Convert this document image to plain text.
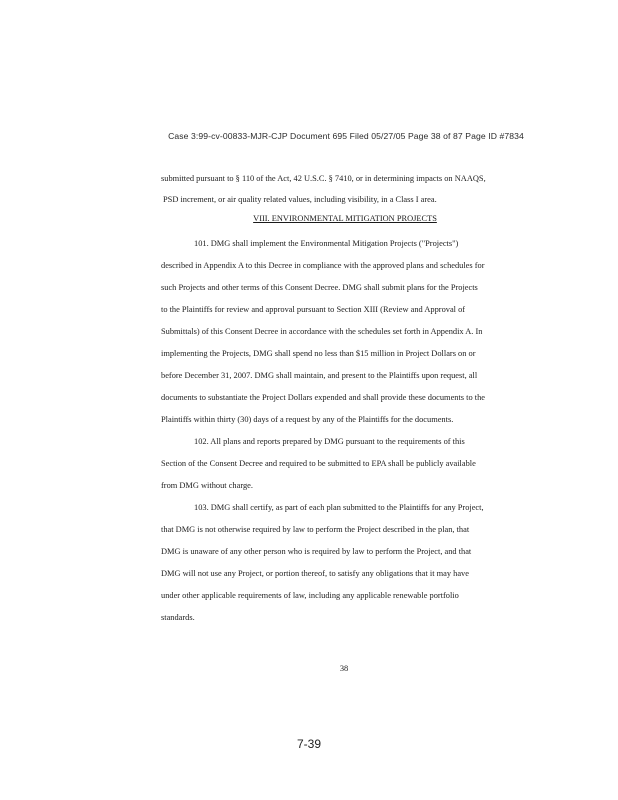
Case 3:99-cv-00833-MJR-CJP Document 695 Filed 05/27/05 Page 38 of 87 Page ID #7834
submitted pursuant to § 110 of the Act, 42 U.S.C. § 7410, or in determining impacts on NAAQS,
PSD increment, or air quality related values, including visibility, in a Class I area.
VIII. ENVIRONMENTAL MITIGATION PROJECTS
101. DMG shall implement the Environmental Mitigation Projects ("Projects")
described in Appendix A to this Decree in compliance with the approved plans and schedules for
such Projects and other terms of this Consent Decree. DMG shall submit plans for the Projects
to the Plaintiffs for review and approval pursuant to Section XIII (Review and Approval of
Submittals) of this Consent Decree in accordance with the schedules set forth in Appendix A. In
implementing the Projects, DMG shall spend no less than $15 million in Project Dollars on or
before December 31, 2007. DMG shall maintain, and present to the Plaintiffs upon request, all
documents to substantiate the Project Dollars expended and shall provide these documents to the
Plaintiffs within thirty (30) days of a request by any of the Plaintiffs for the documents.
102. All plans and reports prepared by DMG pursuant to the requirements of this
Section of the Consent Decree and required to be submitted to EPA shall be publicly available
from DMG without charge.
103. DMG shall certify, as part of each plan submitted to the Plaintiffs for any Project,
that DMG is not otherwise required by law to perform the Project described in the plan, that
DMG is unaware of any other person who is required by law to perform the Project, and that
DMG will not use any Project, or portion thereof, to satisfy any obligations that it may have
under other applicable requirements of law, including any applicable renewable portfolio
standards.
38
7-39
